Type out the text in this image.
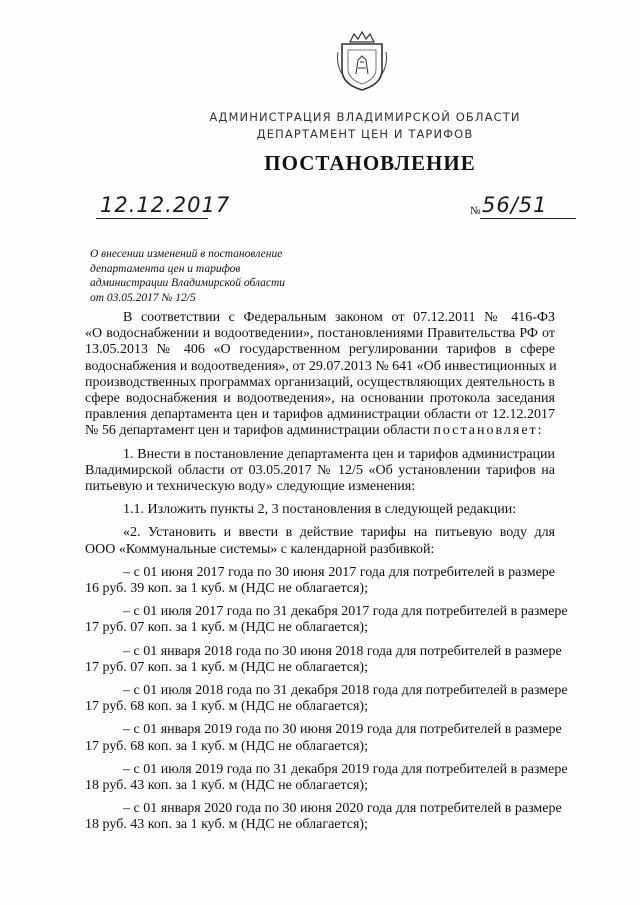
АДМИНИСТРАЦИЯ ВЛАДИМИРСКОЙ ОБЛАСТИ
ДЕПАРТАМЕНТ ЦЕН И ТАРИФОВ
ПОСТАНОВЛЕНИЕ
12.12.2017	№ 56/51
О внесении изменений в постановление
департамента цен и тарифов
администрации Владимирской области
от 03.05.2017 № 12/5
В соответствии с Федеральным законом от 07.12.2011 № 416-ФЗ
«О водоснабжении и водоотведении», постановлениями Правительства РФ от
13.05.2013 № 406 «О государственном регулировании тарифов в сфере
водоснабжения и водоотведения», от 29.07.2013 № 641 «Об инвестиционных и
производственных программах организаций, осуществляющих деятельность в
сфере водоснабжения и водоотведения», на основании протокола заседания
правления департамента цен и тарифов администрации области от 12.12.2017
№ 56 департамент цен и тарифов администрации области постановляет:
1. Внести в постановление департамента цен и тарифов администрации
Владимирской области от 03.05.2017 № 12/5 «Об установлении тарифов на
питьевую и техническую воду» следующие изменения:
1.1. Изложить пункты 2, 3 постановления в следующей редакции:
«2. Установить и ввести в действие тарифы на питьевую воду для
ООО «Коммунальные системы» с календарной разбивкой:
– с 01 июня 2017 года по 30 июня 2017 года для потребителей в размере
16 руб. 39 коп. за 1 куб. м (НДС не облагается);
– с 01 июля 2017 года по 31 декабря 2017 года для потребителей в размере
17 руб. 07 коп. за 1 куб. м (НДС не облагается);
– с 01 января 2018 года по 30 июня 2018 года для потребителей в размере
17 руб. 07 коп. за 1 куб. м (НДС не облагается);
– с 01 июля 2018 года по 31 декабря 2018 года для потребителей в размере
17 руб. 68 коп. за 1 куб. м (НДС не облагается);
– с 01 января 2019 года по 30 июня 2019 года для потребителей в размере
17 руб. 68 коп. за 1 куб. м (НДС не облагается);
– с 01 июля 2019 года по 31 декабря 2019 года для потребителей в размере
18 руб. 43 коп. за 1 куб. м (НДС не облагается);
– с 01 января 2020 года по 30 июня 2020 года для потребителей в размере
18 руб. 43 коп. за 1 куб. м (НДС не облагается);
